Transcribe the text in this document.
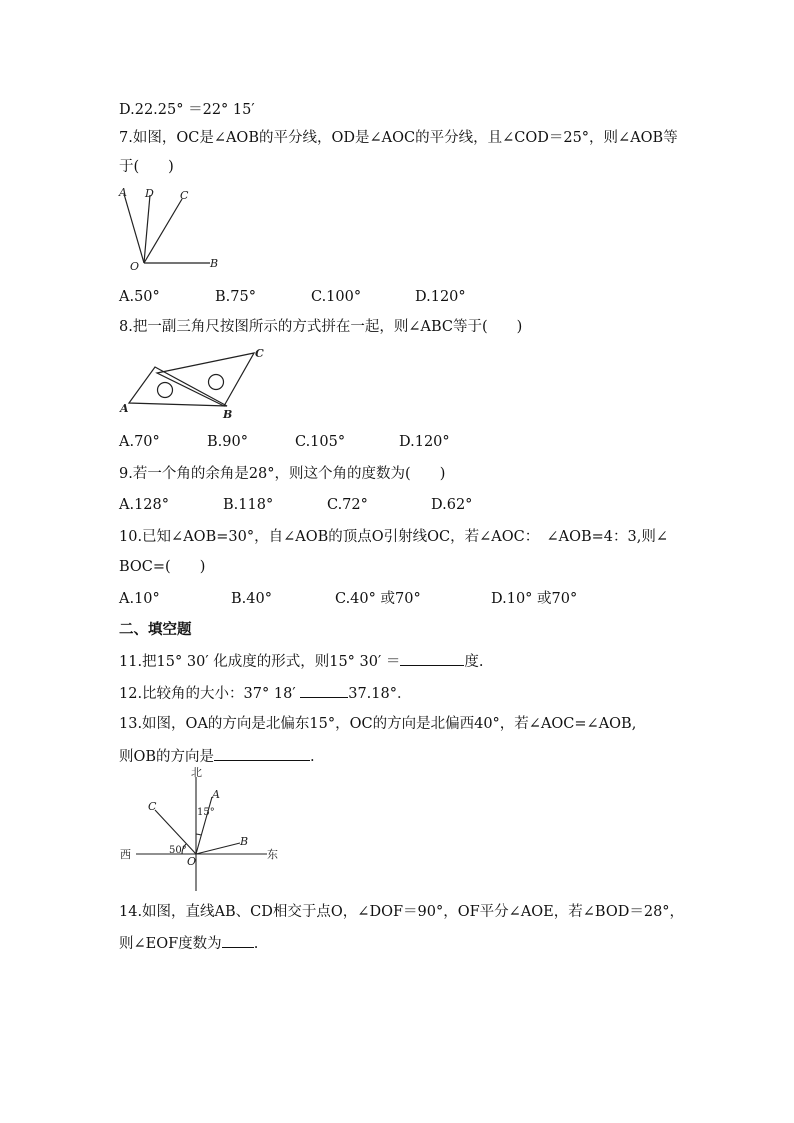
D.22.25° ＝22° 15′
7.如图，OC是∠AOB的平分线，OD是∠AOC的平分线，且∠COD＝25°，则∠AOB等
于(　　)
A D C
O	B
A.50°	B.75°	C.100°	D.120°
8.把一副三角尺按图所示的方式拼在一起，则∠ABC等于(　　)
A	B
C
A.70°	B.90°	C.105°	D.120°
9.若一个角的余角是28°，则这个角的度数为(　　)
A.128°	B.118°	C.72°	D.62°
10.已知∠AOB=30°，自∠AOB的顶点O引射线OC，若∠AOC：　∠AOB=4：3,则∠
BOC=(　　)
A.10°	B.40°	C.40° 或70°	D.10° 或70°
二、填空题
11.把15° 30′ 化成度的形式，则15° 30′ ＝	度.
12.比较角的大小：37° 18′	37.18°．
13.如图，OA的方向是北偏东15°，OC的方向是北偏西40°，若∠AOC=∠AOB,
则OB的方向是	.
北
西	东
A
C
B
O
15°
50°
14.如图，直线AB、CD相交于点O，∠DOF＝90°，OF平分∠AOE，若∠BOD＝28°，
则∠EOF度数为 .
